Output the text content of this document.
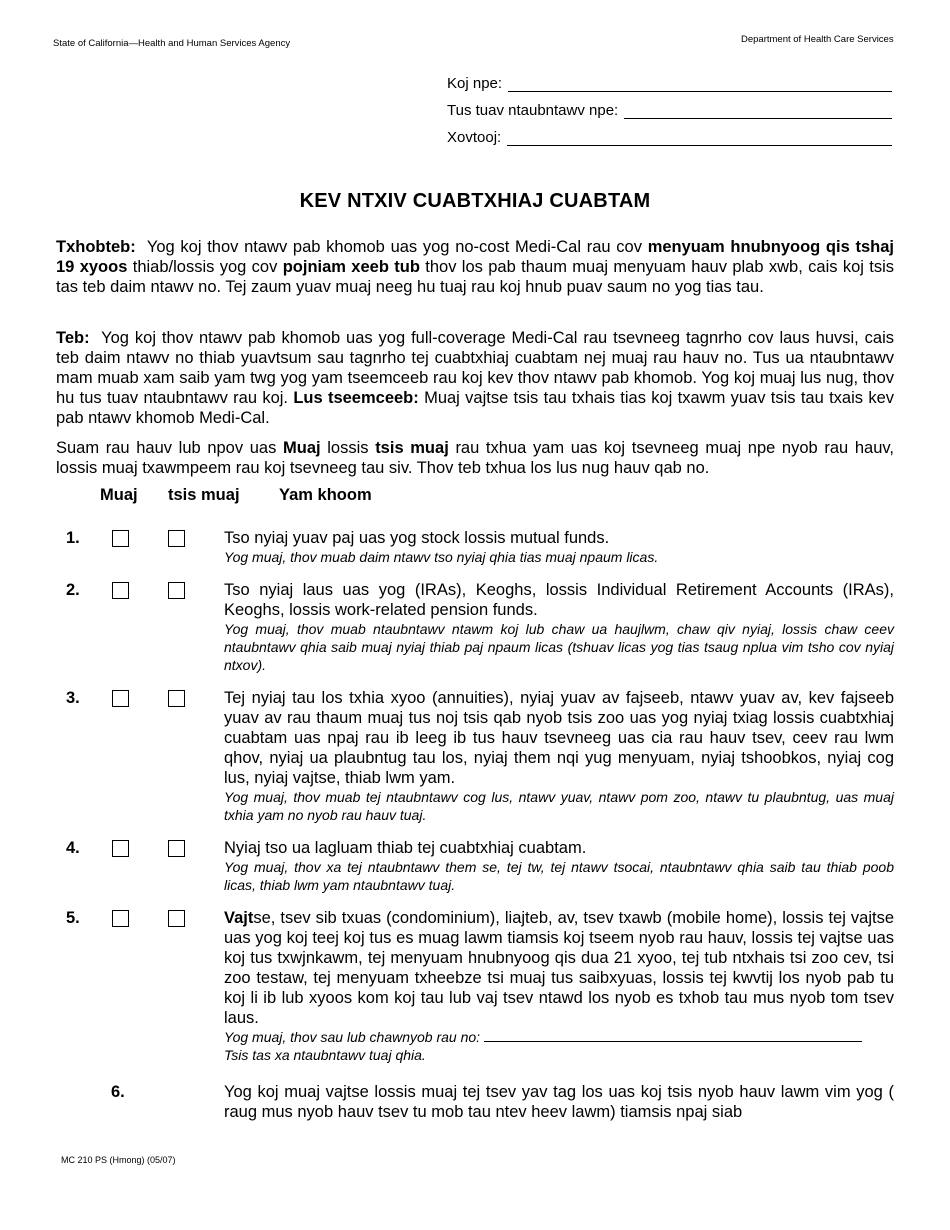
State of California—Health and Human Services Agency	Department of Health Care Services
Koj npe:
Tus tuav ntaubntawv npe:
Xovtooj:
KEV NTXIV CUABTXHIAJ CUABTAM
Txhobteb: Yog koj thov ntawv pab khomob uas yog no-cost Medi-Cal rau cov menyuam hnubnyoog qis tshaj 19 xyoos thiab/lossis yog cov pojniam xeeb tub thov los pab thaum muaj menyuam hauv plab xwb, cais koj tsis tas teb daim ntawv no. Tej zaum yuav muaj neeg hu tuaj rau koj hnub puav saum no yog tias tau.
Teb: Yog koj thov ntawv pab khomob uas yog full-coverage Medi-Cal rau tsevneeg tagnrho cov laus huvsi, cais teb daim ntawv no thiab yuavtsum sau tagnrho tej cuabtxhiaj cuabtam nej muaj rau hauv no. Tus ua ntaubntawv mam muab xam saib yam twg yog yam tseemceeb rau koj kev thov ntawv pab khomob. Yog koj muaj lus nug, thov hu tus tuav ntaubntawv rau koj. Lus tseemceeb: Muaj vajtse tsis tau txhais tias koj txawm yuav tsis tau txais kev pab ntawv khomob Medi-Cal.
Suam rau hauv lub npov uas Muaj lossis tsis muaj rau txhua yam uas koj tsevneeg muaj npe nyob rau hauv, lossis muaj txawmpeem rau koj tsevneeg tau siv. Thov teb txhua los lus nug hauv qab no.
Muaj tsis muaj Yam khoom
1.	Tso nyiaj yuav paj uas yog stock lossis mutual funds.
Yog muaj, thov muab daim ntawv tso nyiaj qhia tias muaj npaum licas.
2.	Tso nyiaj laus uas yog (IRAs), Keoghs, lossis Individual Retirement Accounts (IRAs), Keoghs, lossis work-related pension funds.
Yog muaj, thov muab ntaubntawv ntawm koj lub chaw ua haujlwm, chaw qiv nyiaj, lossis chaw ceev ntaubntawv qhia saib muaj nyiaj thiab paj npaum licas (tshuav licas yog tias tsaug nplua vim tsho cov nyiaj ntxov).
3.	Tej nyiaj tau los txhia xyoo (annuities), nyiaj yuav av fajseeb, ntawv yuav av, kev fajseeb yuav av rau thaum muaj tus noj tsis qab nyob tsis zoo uas yog nyiaj txiag lossis cuabtxhiaj cuabtam uas npaj rau ib leeg ib tus hauv tsevneeg uas cia rau hauv tsev, ceev rau lwm qhov, nyiaj ua plaubntug tau los, nyiaj them nqi yug menyuam, nyiaj tshoobkos, nyiaj cog lus, nyiaj vajtse, thiab lwm yam.
Yog muaj, thov muab tej ntaubntawv cog lus, ntawv yuav, ntawv pom zoo, ntawv tu plaubntug, uas muaj txhia yam no nyob rau hauv tuaj.
4.	Nyiaj tso ua lagluam thiab tej cuabtxhiaj cuabtam.
Yog muaj, thov xa tej ntaubntawv them se, tej tw, tej ntawv tsocai, ntaubntawv qhia saib tau thiab poob licas, thiab lwm yam ntaubntawv tuaj.
5.	Vajtse, tsev sib txuas (condominium), liajteb, av, tsev txawb (mobile home), lossis tej vajtse uas yog koj teej koj tus es muag lawm tiamsis koj tseem nyob rau hauv, lossis tej vajtse uas koj tus txwjnkawm, tej menyuam hnubnyoog qis dua 21 xyoo, tej tub ntxhais tsi zoo cev, tsi zoo testaw, tej menyuam txheebze tsi muaj tus saibxyuas, lossis tej kwvtij los nyob pab tu koj li ib lub xyoos kom koj tau lub vaj tsev ntawd los nyob es txhob tau mus nyob tom tsev laus.
Yog muaj, thov sau lub chawnyob rau no:
Tsis tas xa ntaubntawv tuaj qhia.
6.	Yog koj muaj vajtse lossis muaj tej tsev yav tag los uas koj tsis nyob hauv lawm vim yog ( raug mus nyob hauv tsev tu mob tau ntev heev lawm) tiamsis npaj siab
MC 210 PS (Hmong) (05/07)
